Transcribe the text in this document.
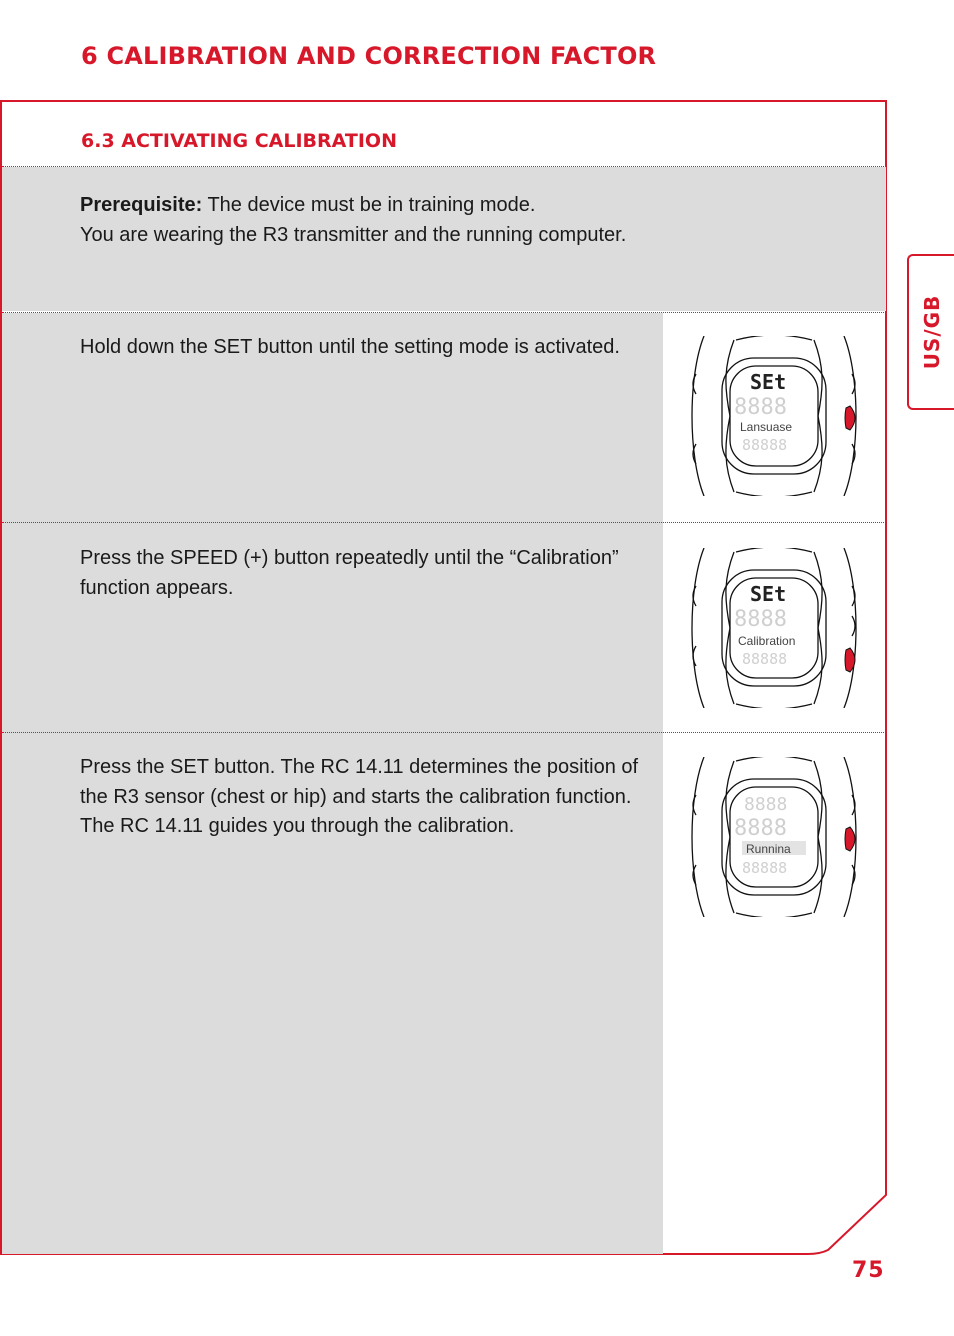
6 CALIBRATION AND CORRECTION FACTOR
6.3 ACTIVATING CALIBRATION
Prerequisite: The device must be in training mode.
You are wearing the R3 transmitter and the running computer.
Hold down the SET button until the setting mode is activated.
SEt
8888
Lansuase
88888
Press the SPEED (+) button repeatedly until the “Calibration” function appears.	SEt
8888
Calibration
88888
Press the SET button. The RC 14.11 determines the position of the R3 sensor (chest or hip) and starts the calibration function. The RC 14.11 guides you through the calibration.
8888
8888
Runnina
88888
US/GB
75
